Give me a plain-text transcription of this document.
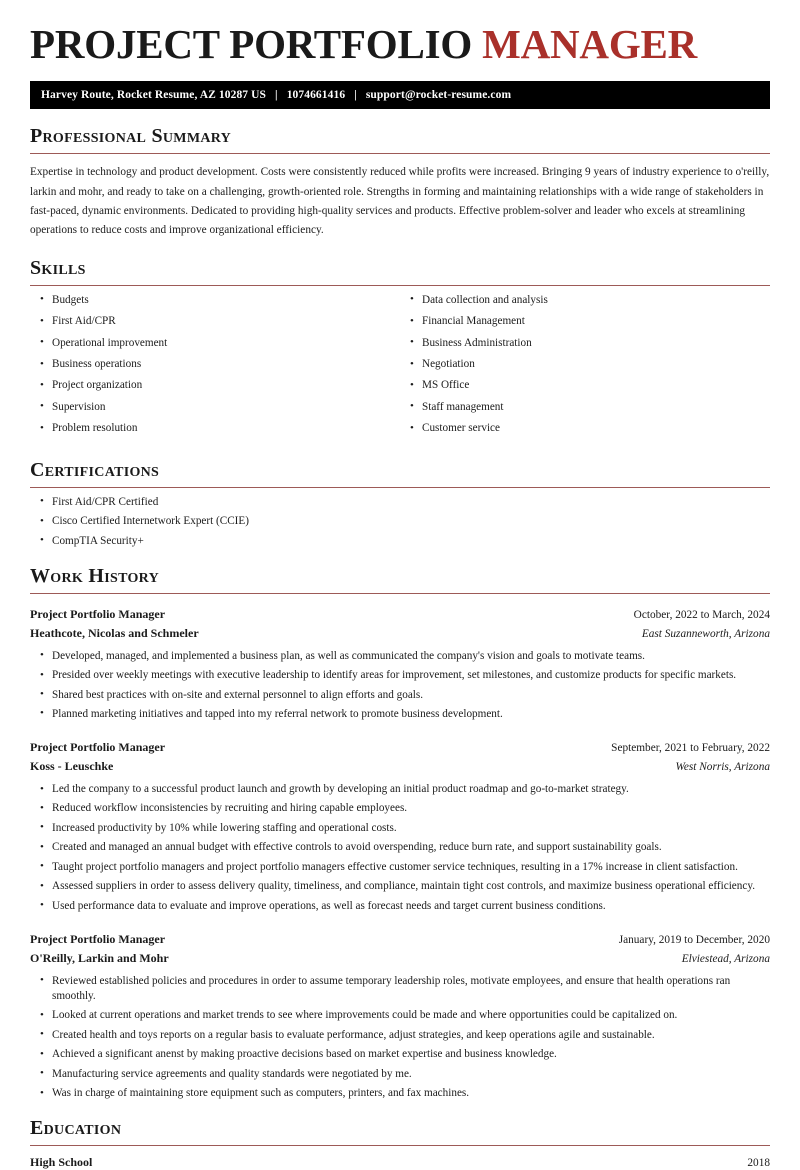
PROJECT PORTFOLIO MANAGER
Harvey Route, Rocket Resume, AZ 10287 US | 1074661416 | support@rocket-resume.com
Professional Summary
Expertise in technology and product development. Costs were consistently reduced while profits were increased. Bringing 9 years of industry experience to o'reilly, larkin and mohr, and ready to take on a challenging, growth-oriented role. Strengths in forming and maintaining relationships with a wide range of stakeholders in fast-paced, dynamic environments. Dedicated to providing high-quality services and products. Effective problem-solver and leader who excels at streamlining operations to reduce costs and improve organizational efficiency.
Skills
• Budgets
• First Aid/CPR
• Operational improvement
• Business operations
• Project organization
• Supervision
• Problem resolution
• Data collection and analysis
• Financial Management
• Business Administration
• Negotiation
• MS Office
• Staff management
• Customer service
Certifications
• First Aid/CPR Certified
• Cisco Certified Internetwork Expert (CCIE)
• CompTIA Security+
Work History
Project Portfolio Manager	October, 2022 to March, 2024
Heathcote, Nicolas and Schmeler	East Suzanneworth, Arizona
• Developed, managed, and implemented a business plan, as well as communicated the company's vision and goals to motivate teams.
• Presided over weekly meetings with executive leadership to identify areas for improvement, set milestones, and customize products for specific markets.
• Shared best practices with on-site and external personnel to align efforts and goals.
• Planned marketing initiatives and tapped into my referral network to promote business development.
Project Portfolio Manager	September, 2021 to February, 2022
Koss - Leuschke	West Norris, Arizona
• Led the company to a successful product launch and growth by developing an initial product roadmap and go-to-market strategy.
• Reduced workflow inconsistencies by recruiting and hiring capable employees.
• Increased productivity by 10% while lowering staffing and operational costs.
• Created and managed an annual budget with effective controls to avoid overspending, reduce burn rate, and support sustainability goals.
• Taught project portfolio managers and project portfolio managers effective customer service techniques, resulting in a 17% increase in client satisfaction.
• Assessed suppliers in order to assess delivery quality, timeliness, and compliance, maintain tight cost controls, and maximize business operational efficiency.
• Used performance data to evaluate and improve operations, as well as forecast needs and target current business conditions.
Project Portfolio Manager	January, 2019 to December, 2020
O'Reilly, Larkin and Mohr	Elviestead, Arizona
• Reviewed established policies and procedures in order to assume temporary leadership roles, motivate employees, and ensure that health operations ran smoothly.
• Looked at current operations and market trends to see where improvements could be made and where opportunities could be capitalized on.
• Created health and toys reports on a regular basis to evaluate performance, adjust strategies, and keep operations agile and sustainable.
• Achieved a significant anenst by making proactive decisions based on market expertise and business knowledge.
• Manufacturing service agreements and quality standards were negotiated by me.
• Was in charge of maintaining store equipment such as computers, printers, and fax machines.
Education
High School	2018
